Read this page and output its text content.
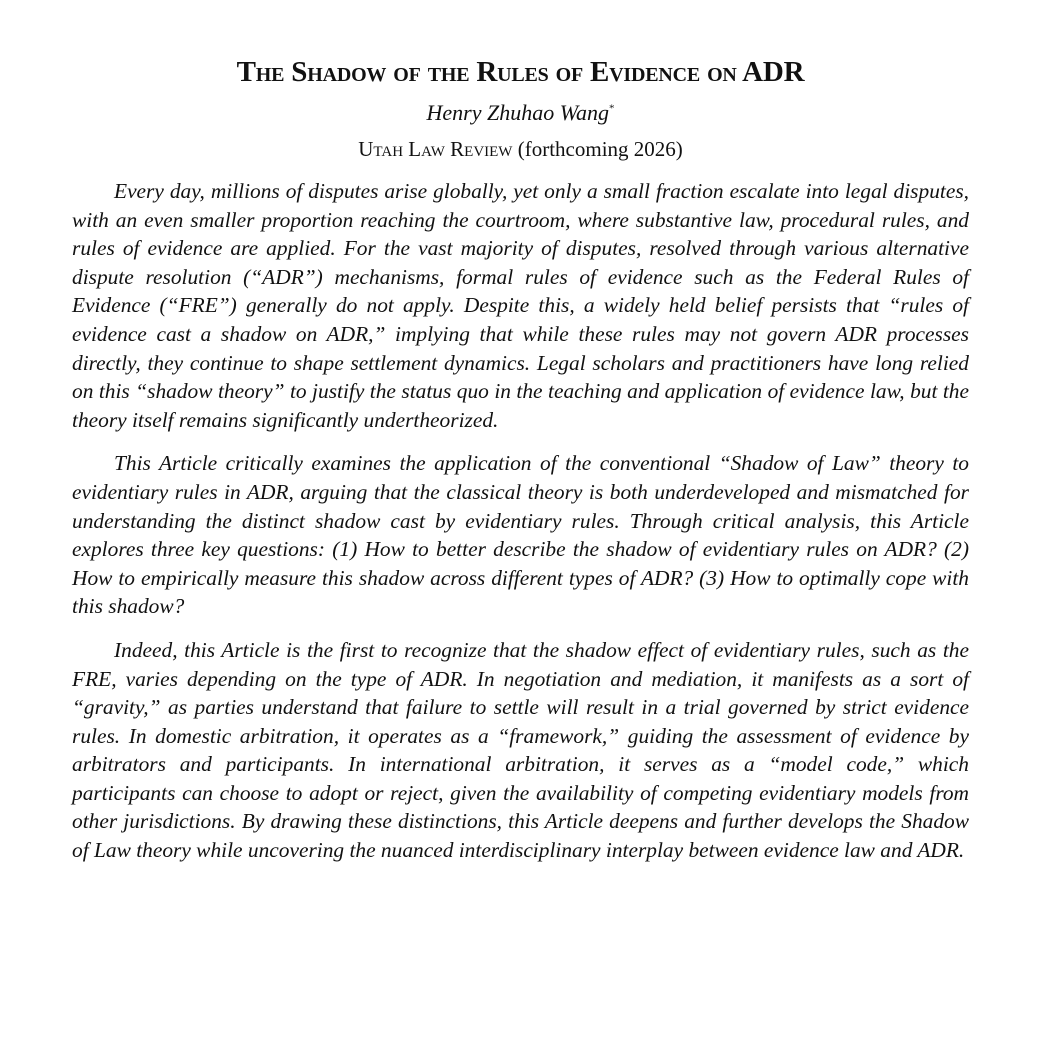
The Shadow of the Rules of Evidence on ADR
Henry Zhuhao Wang*
Utah Law Review (forthcoming 2026)

Every day, millions of disputes arise globally, yet only a small fraction escalate into legal disputes, with an even smaller proportion reaching the courtroom, where substantive law, procedural rules, and rules of evidence are applied. For the vast majority of disputes, resolved through various alternative dispute resolution (“ADR”) mechanisms, formal rules of evidence such as the Federal Rules of Evidence (“FRE”) generally do not apply. Despite this, a widely held belief persists that “rules of evidence cast a shadow on ADR,” implying that while these rules may not govern ADR processes directly, they continue to shape settlement dynamics. Legal scholars and practitioners have long relied on this “shadow theory” to justify the status quo in the teaching and application of evidence law, but the theory itself remains significantly undertheorized.

This Article critically examines the application of the conventional “Shadow of Law” theory to evidentiary rules in ADR, arguing that the classical theory is both underdeveloped and mismatched for understanding the distinct shadow cast by evidentiary rules. Through critical analysis, this Article explores three key questions: (1) How to better describe the shadow of evidentiary rules on ADR? (2) How to empirically measure this shadow across different types of ADR? (3) How to optimally cope with this shadow?

Indeed, this Article is the first to recognize that the shadow effect of evidentiary rules, such as the FRE, varies depending on the type of ADR. In negotiation and mediation, it manifests as a sort of “gravity,” as parties understand that failure to settle will result in a trial governed by strict evidence rules. In domestic arbitration, it operates as a “framework,” guiding the assessment of evidence by arbitrators and participants. In international arbitration, it serves as a “model code,” which participants can choose to adopt or reject, given the availability of competing evidentiary models from other jurisdictions. By drawing these distinctions, this Article deepens and further develops the Shadow of Law theory while uncovering the nuanced interdisciplinary interplay between evidence law and ADR.
